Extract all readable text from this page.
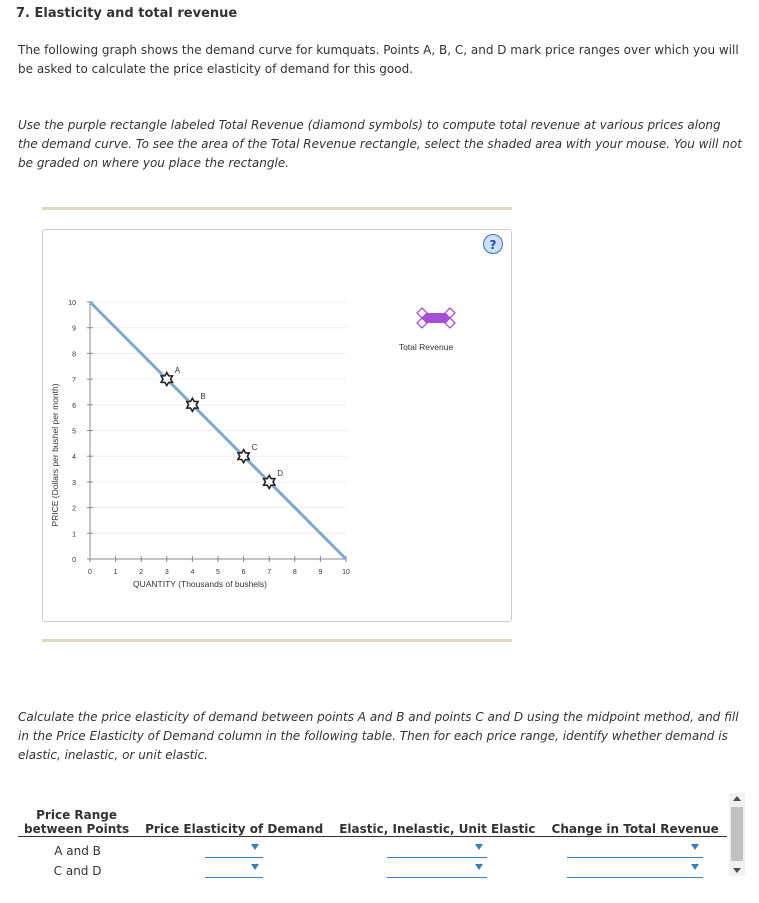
7. Elasticity and total revenue
The following graph shows the demand curve for kumquats. Points A, B, C, and D mark price ranges over which you will be asked to calculate the price elasticity of demand for this good.
Use the purple rectangle labeled Total Revenue (diamond symbols) to compute total revenue at various prices along the demand curve. To see the area of the Total Revenue rectangle, select the shaded area with your mouse. You will not be graded on where you place the rectangle.
?
PRICE (Dollars per bushel per month)
QUANTITY (Thousands of bushels)
0
1
2
3
4
5
6
7
8
9
10
0	1	2	3	4	5	6	7	8	9	10
A
B
C
D
Total Revenue
Calculate the price elasticity of demand between points A and B and points C and D using the midpoint method, and fill in the Price Elasticity of Demand column in the following table. Then for each price range, identify whether demand is elastic, inelastic, or unit elastic.
Price Range
between Points	Price Elasticity of Demand	Elastic, Inelastic, Unit Elastic	Change in Total Revenue
A and B	

C and D	
